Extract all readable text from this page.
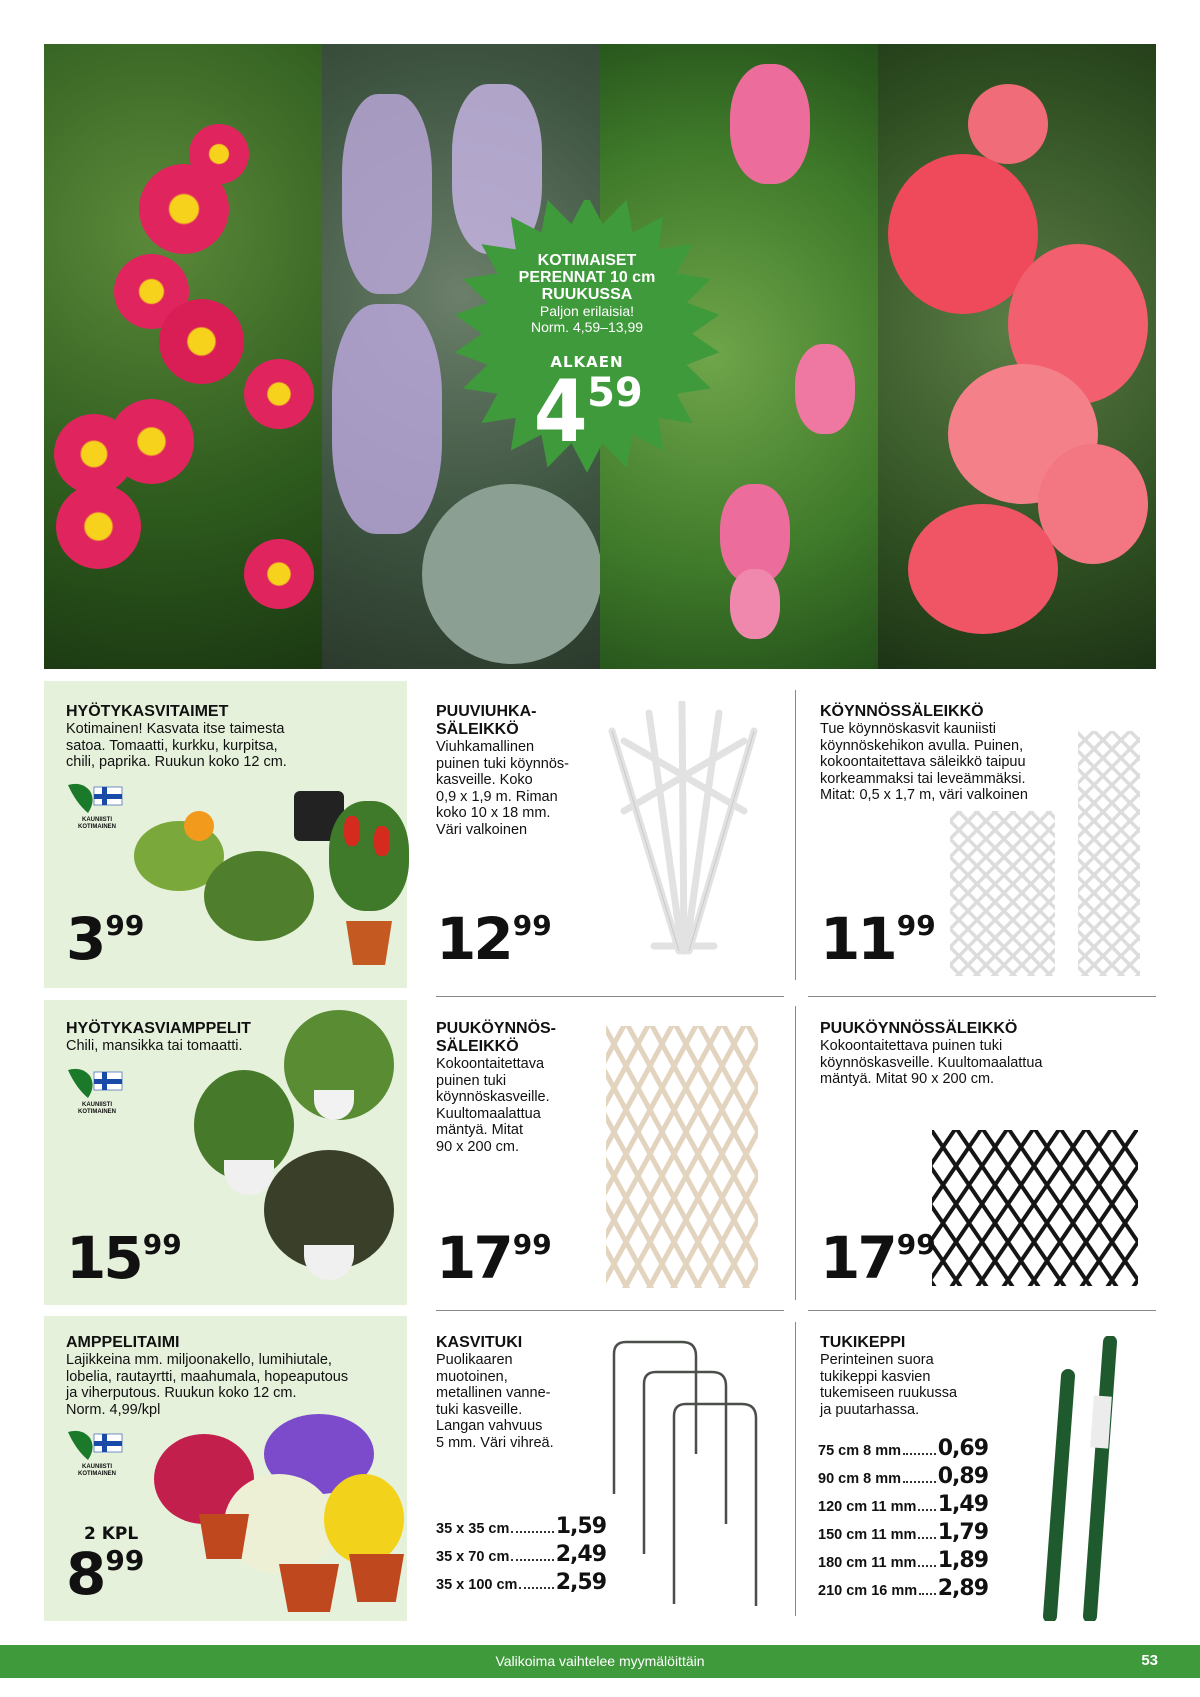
KOTIMAISET
PERENNAT 10 cm
RUUKUSSA
Paljon erilaisia!
Norm. 4,59–13,99
ALKAEN
4 59
HYÖTYKASVITAIMET
Kotimainen! Kasvata itse taimesta
satoa. Tomaatti, kurkku, kurpitsa,
chili, paprika. Ruukun koko 12 cm.
KAUNIISTI KOTIMAINEN
3 99
PUUVIUHKA-
SÄLEIKKÖ
Viuhkamallinen
puinen tuki köynnös-
kasveille. Koko
0,9 x 1,9 m. Riman
koko 10 x 18 mm.
Väri valkoinen
12 99
KÖYNNÖSSÄLEIKKÖ
Tue köynnöskasvit kauniisti
köynnöskehikon avulla. Puinen,
kokoontaitettava säleikkö taipuu
korkeammaksi tai leveämmäksi.
Mitat: 0,5 x 1,7 m, väri valkoinen
11 99
HYÖTYKASVIAMPPELIT
Chili, mansikka tai tomaatti.
KAUNIISTI KOTIMAINEN
15 99
PUUKÖYNNÖS-
SÄLEIKKÖ
Kokoontaitettava
puinen tuki
köynnöskasveille.
Kuultomaalattua
mäntyä. Mitat
90 x 200 cm.
17 99
PUUKÖYNNÖSSÄLEIKKÖ
Kokoontaitettava puinen tuki
köynnöskasveille. Kuultomaalattua
mäntyä. Mitat 90 x 200 cm.
17 99
AMPPELITAIMI
Lajikkeina mm. miljoonakello, lumihiutale,
lobelia, rautayrtti, maahumala, hopeaputous
ja viherputous. Ruukun koko 12 cm.
Norm. 4,99/kpl
KAUNIISTI KOTIMAINEN
2 KPL
8 99
KASVITUKI
Puolikaaren
muotoinen,
metallinen vanne-
tuki kasveille.
Langan vahvuus
5 mm. Väri vihreä.
35 x 35 cm 1,59
35 x 70 cm 2,49
35 x 100 cm 2,59
TUKIKEPPI
Perinteinen suora
tukikeppi kasvien
tukemiseen ruukussa
ja puutarhassa.
75 cm 8 mm 0,69
90 cm 8 mm 0,89
120 cm 11 mm 1,49
150 cm 11 mm 1,79
180 cm 11 mm 1,89
210 cm 16 mm 2,89
Valikoima vaihtelee myymälöittäin	53
